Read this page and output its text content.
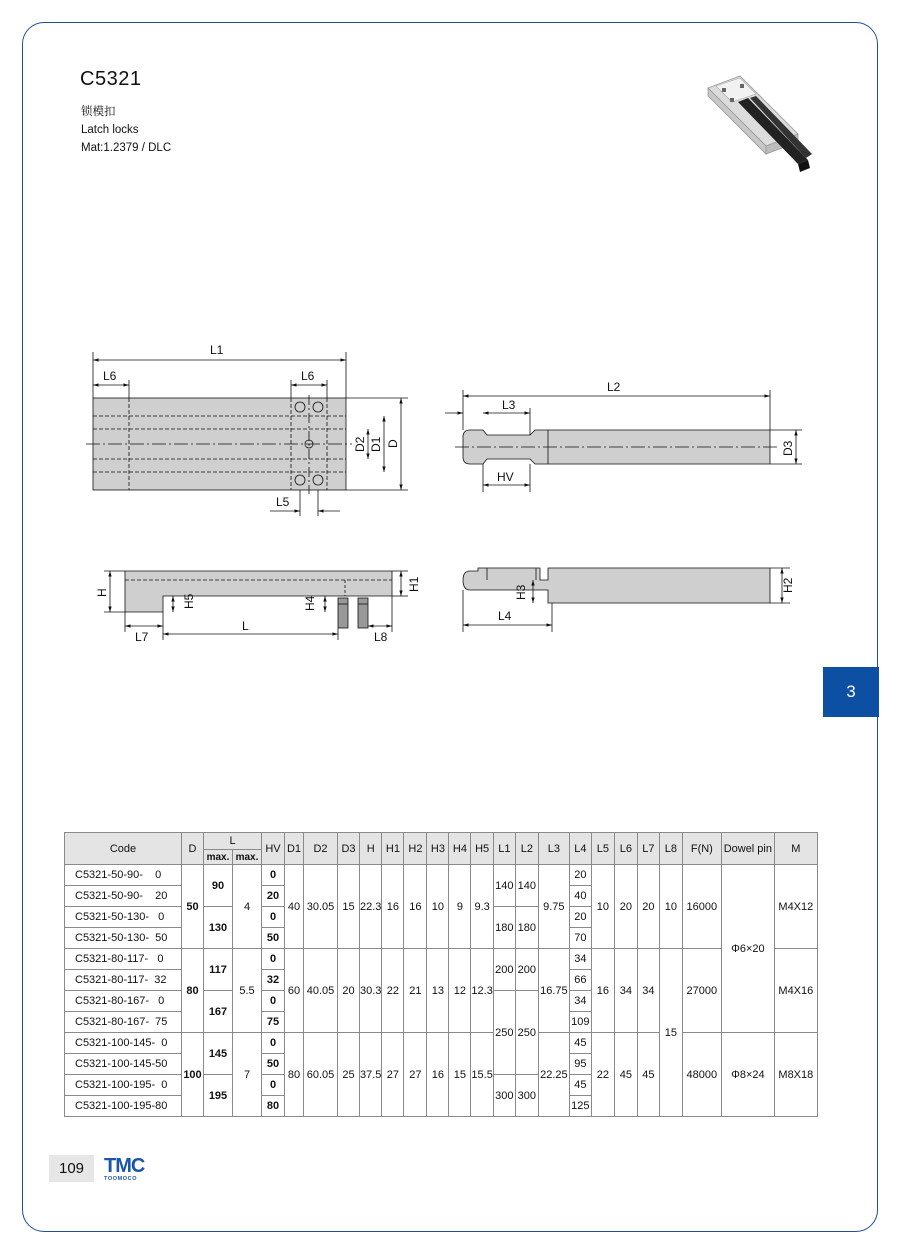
C5321
锁模扣
Latch locks
Mat:1.2379 / DLC
L1
L6	L6
L5
D2 D1 D
L2
L3
HV
D3
H
H5	H4
H1
L
L7	L8
H2
H3
L4
3
Code	D	L		HV	D1	D2	D3	H	H1	H2	H3	H4	H5	L1	L2	L3	L4	L5	L6	L7	L8	F(N)	Dowel pin	M
		max.	max.																					
C5321-50-90-    0	50	90	4	0	40	30.05	15	22.3	16	16	10	9	9.3	140	140	9.75	20	10	20	20	10	16000	Φ6×20	M4X12
C5321-50-90-    20				20													40							
C5321-50-130-   0		130		0										180	180		20							
C5321-50-130-  50				50													70							
C5321-80-117-   0	80	117	5.5	0	60	40.05	20	30.3	22	21	13	12	12.3	200	200	16.75	34	16	34	34	15	27000		M4X16
C5321-80-117-  32				32													66							
C5321-80-167-   0		167		0										250	250		34							
C5321-80-167-  75				75													109							
C5321-100-145-  0	100	145	7	0	80	60.05	25	37.5	27	27	16	15	15.5			22.25	45	22	45	45		48000	Φ8×24	M8X18
C5321-100-145-50				50													95							
C5321-100-195-  0		195		0										300	300		45							
C5321-100-195-80				80													125							
109 TMC
TOOMOCO
